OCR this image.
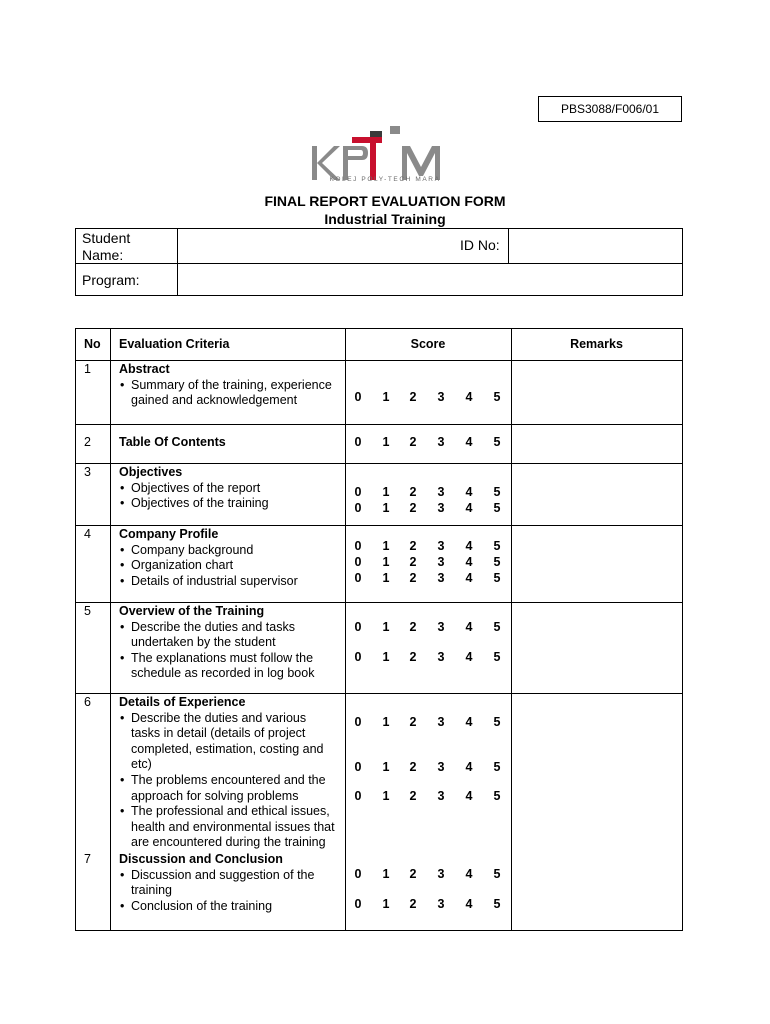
PBS3088/F006/01
KOLEJ POLY-TECH MARA
FINAL REPORT EVALUATION FORM
Industrial Training
Student
Name:
ID No:
Program:
No Evaluation Criteria	Score	Remarks
1 Abstract
• Summary of the training, experience
gained and acknowledgement	0	1	2	3	4	5
2 Table Of Contents	0	1	2	3	4	5
3 Objectives
• Objectives of the report
• Objectives of the training
0	1	2	3	4	5
0	1	2	3	4	5
4 Company Profile
• Company background
• Organization chart
• Details of industrial supervisor
0	1	2	3	4	5
0	1	2	3	4	5
0	1	2	3	4	5
5 Overview of the Training
• Describe the duties and tasks
undertaken by the student
• The explanations must follow the
schedule as recorded in log book
0	1	2	3	4	5
0	1	2	3	4	5
6 Details of Experience
• Describe the duties and various
tasks in detail (details of project
completed, estimation, costing and
etc)
• The problems encountered and the
approach for solving problems
• The professional and ethical issues,
health and environmental issues that
are encountered during the training
0	1	2	3	4	5
0	1	2	3	4	5
0	1	2	3	4	5
7 Discussion and Conclusion
• Discussion and suggestion of the
training
• Conclusion of the training
0	1	2	3	4	5
0	1	2	3	4	5
